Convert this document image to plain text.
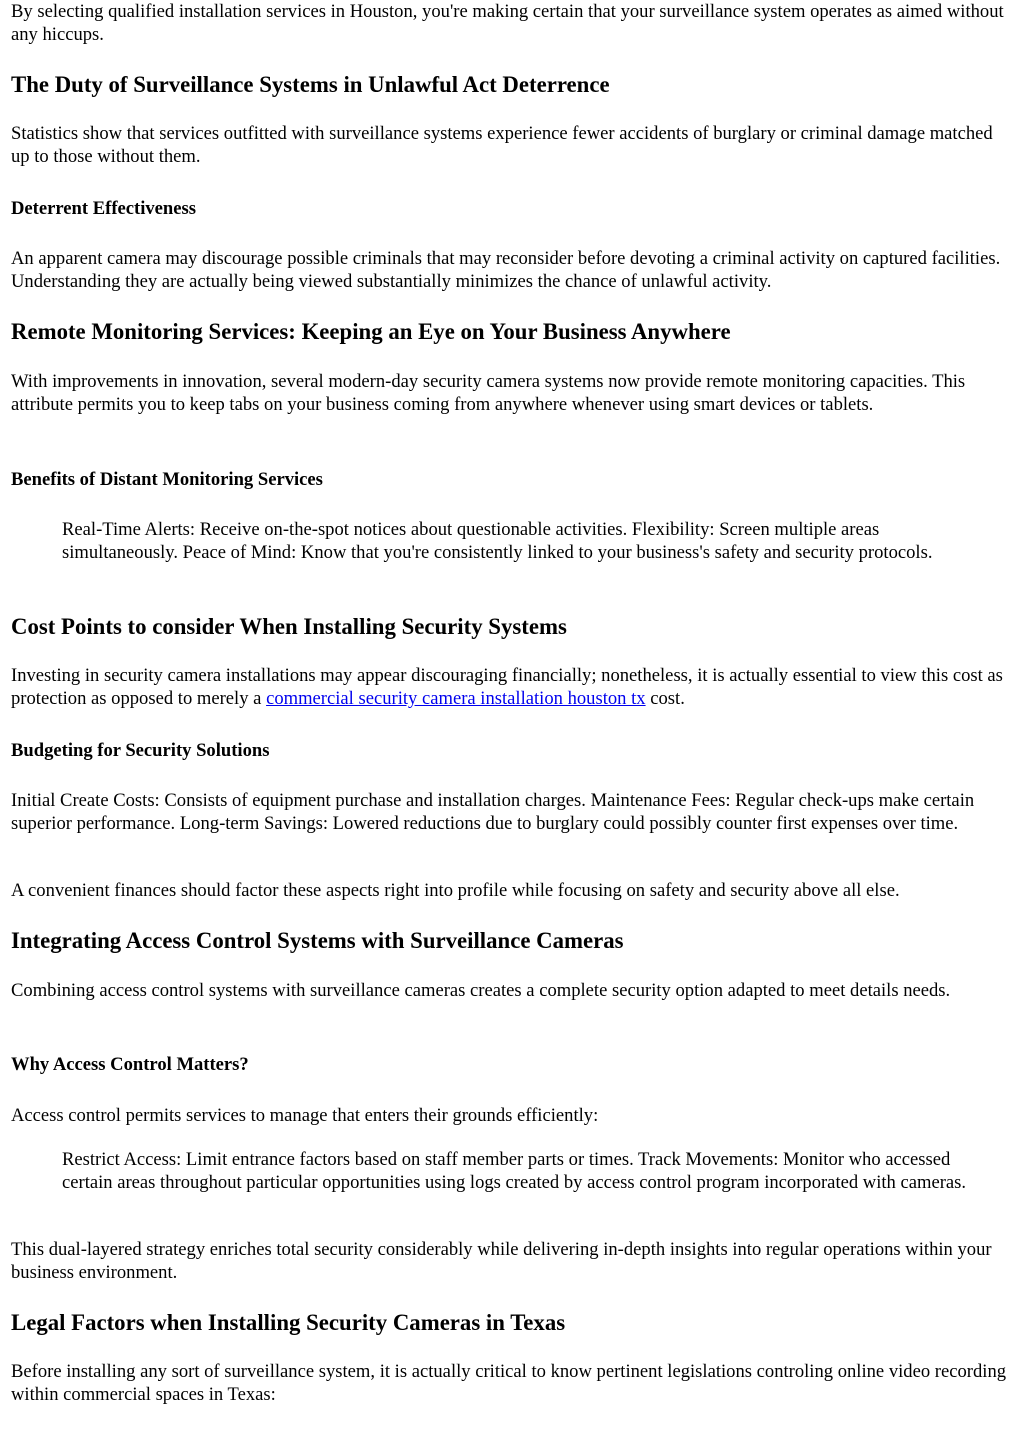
By selecting qualified installation services in Houston, you're making certain that your surveillance system operates as aimed without any hiccups.

The Duty of Surveillance Systems in Unlawful Act Deterrence

Statistics show that services outfitted with surveillance systems experience fewer accidents of burglary or criminal damage matched up to those without them.

Deterrent Effectiveness

An apparent camera may discourage possible criminals that may reconsider before devoting a criminal activity on captured facilities. Understanding they are actually being viewed substantially minimizes the chance of unlawful activity.

Remote Monitoring Services: Keeping an Eye on Your Business Anywhere

With improvements in innovation, several modern-day security camera systems now provide remote monitoring capacities. This attribute permits you to keep tabs on your business coming from anywhere whenever using smart devices or tablets.

Benefits of Distant Monitoring Services

Real-Time Alerts: Receive on-the-spot notices about questionable activities. Flexibility: Screen multiple areas simultaneously. Peace of Mind: Know that you're consistently linked to your business's safety and security protocols.

Cost Points to consider When Installing Security Systems

Investing in security camera installations may appear discouraging financially; nonetheless, it is actually essential to view this cost as protection as opposed to merely a commercial security camera installation houston tx cost.

Budgeting for Security Solutions

Initial Create Costs: Consists of equipment purchase and installation charges. Maintenance Fees: Regular check-ups make certain superior performance. Long-term Savings: Lowered reductions due to burglary could possibly counter first expenses over time.

A convenient finances should factor these aspects right into profile while focusing on safety and security above all else.

Integrating Access Control Systems with Surveillance Cameras

Combining access control systems with surveillance cameras creates a complete security option adapted to meet details needs.

Why Access Control Matters?

Access control permits services to manage that enters their grounds efficiently:

Restrict Access: Limit entrance factors based on staff member parts or times. Track Movements: Monitor who accessed certain areas throughout particular opportunities using logs created by access control program incorporated with cameras.

This dual-layered strategy enriches total security considerably while delivering in-depth insights into regular operations within your business environment.

Legal Factors when Installing Security Cameras in Texas

Before installing any sort of surveillance system, it is actually critical to know pertinent legislations controling online video recording within commercial spaces in Texas:
